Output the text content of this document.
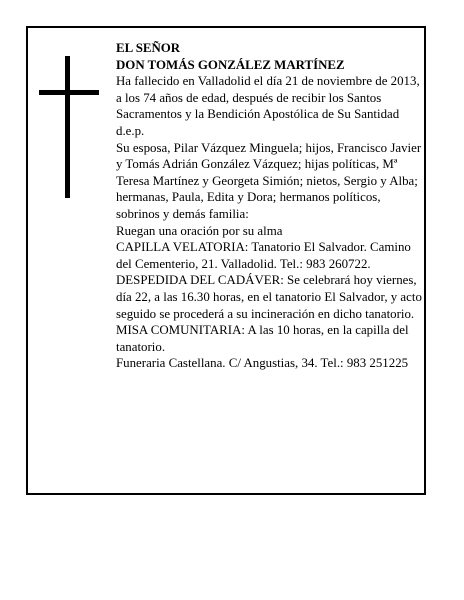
EL SEÑOR

DON TOMÁS GONZÁLEZ MARTÍNEZ

Ha fallecido en Valladolid el día 21 de noviembre de 2013, a los 74 años de edad, después de recibir los Santos Sacramentos y la Bendición Apostólica de Su Santidad

d.e.p.

Su esposa, Pilar Vázquez Minguela; hijos, Francisco Javier y Tomás Adrián González Vázquez; hijas políticas, Mª Teresa Martínez y Georgeta Simión; nietos, Sergio y Alba; hermanas, Paula, Edita y Dora; hermanos políticos, sobrinos y demás familia:

Ruegan una oración por su alma

CAPILLA VELATORIA: Tanatorio El Salvador. Camino del Cementerio, 21. Valladolid. Tel.: 983 260722.

DESPEDIDA DEL CADÁVER: Se celebrará hoy viernes, día 22, a las 16.30 horas, en el tanatorio El Salvador, y acto seguido se procederá a su incineración en dicho tanatorio.

MISA COMUNITARIA: A las 10 horas, en la capilla del tanatorio.

Funeraria Castellana. C/ Angustias, 34. Tel.: 983 251225
